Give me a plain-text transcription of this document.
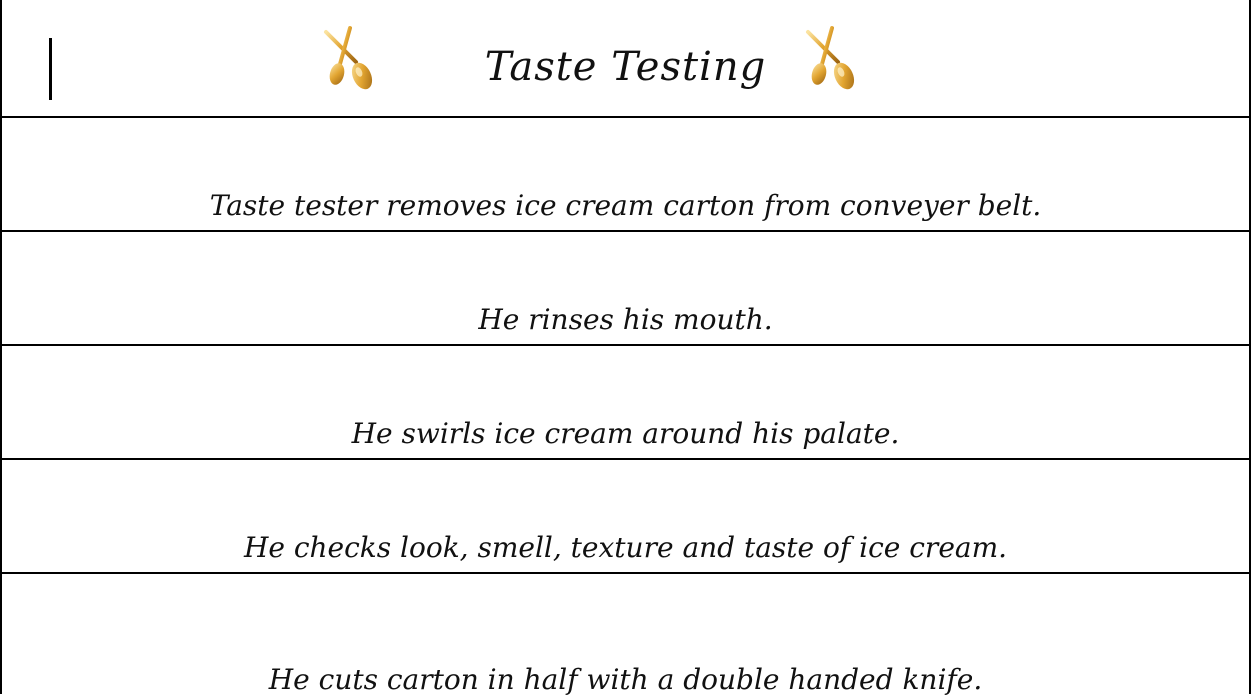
Taste Testing
Taste tester removes ice cream carton from conveyer belt.
He rinses his mouth.
He swirls ice cream around his palate.
He checks look, smell, texture and taste of ice cream.
He cuts carton in half with a double handed knife.
